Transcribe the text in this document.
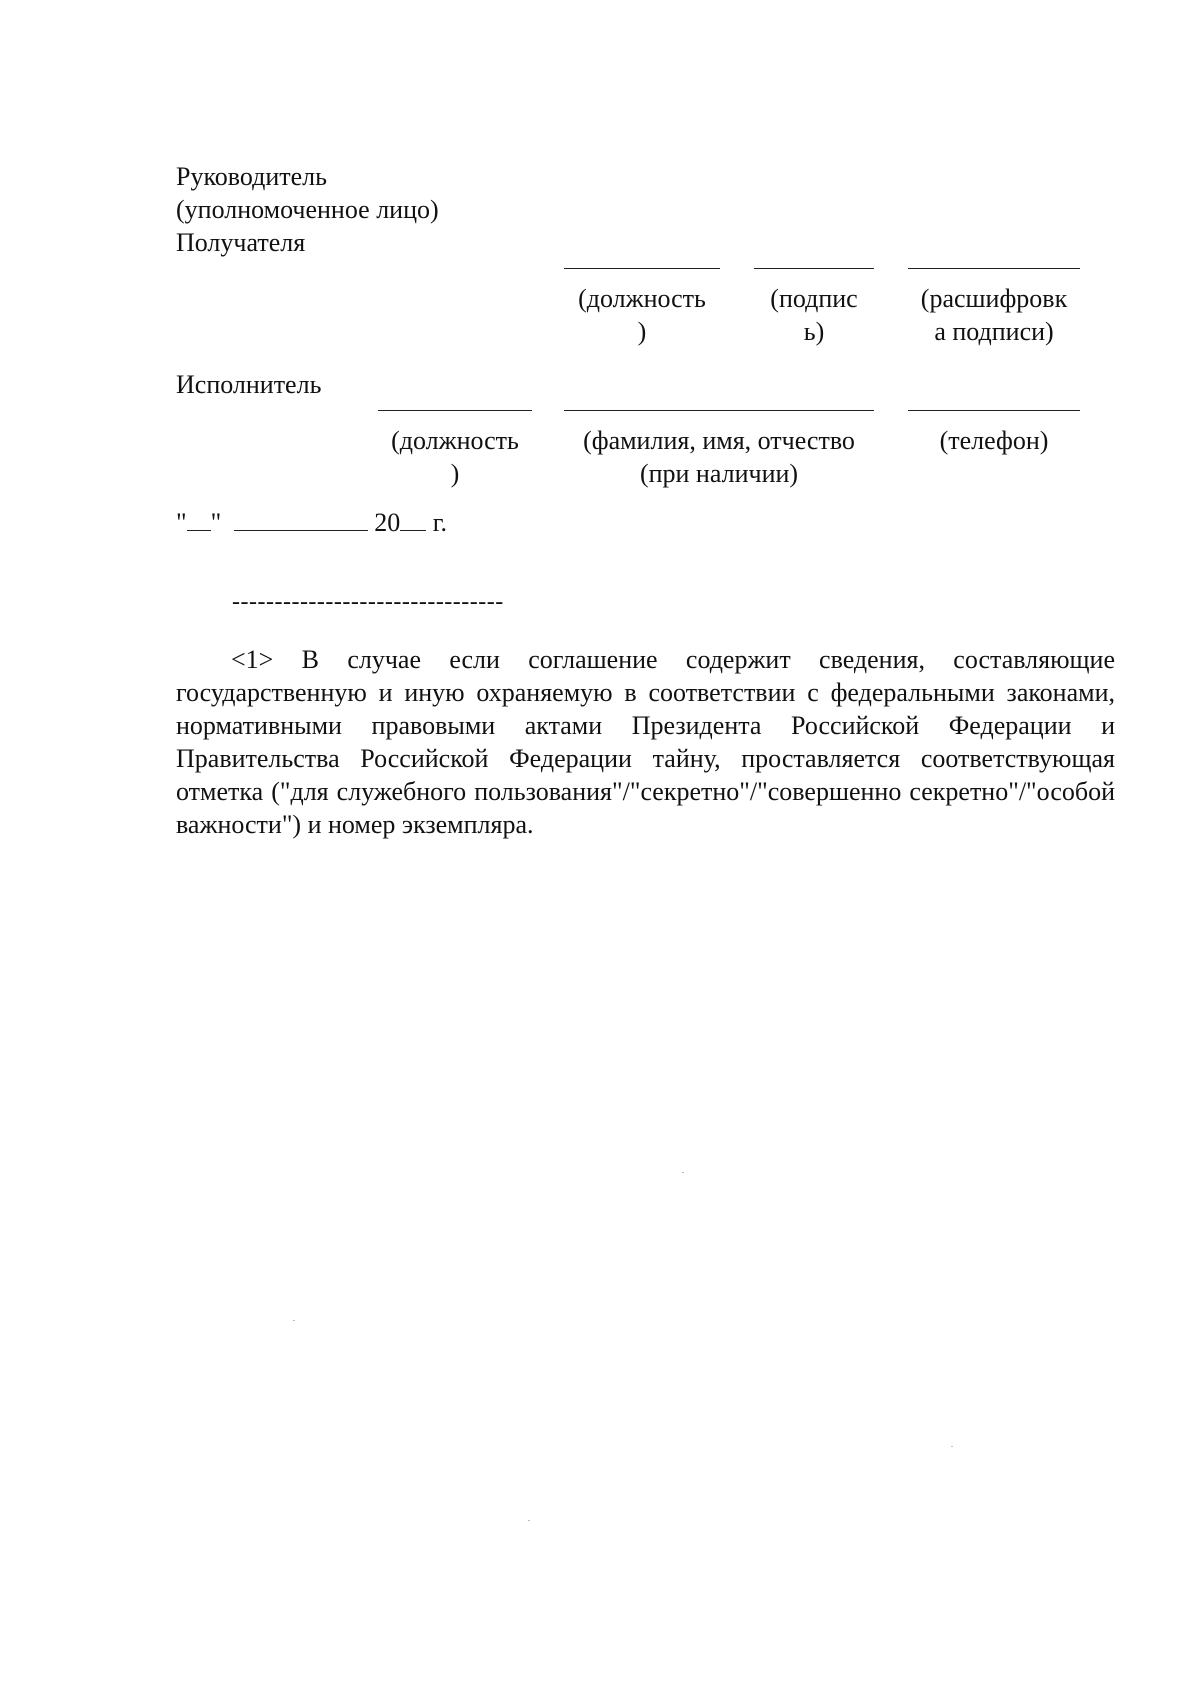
Руководитель
(уполномоченное лицо)
Получателя
(должность
)
(подпис
ь)
(расшифровк
а подписи)
Исполнитель
(должность
)
(фамилия, имя, отчество
(при наличии)
(телефон)
" "	20 г.
--------------------------------
<1> В случае если соглашение содержит сведения, составляющие государственную и иную охраняемую в соответствии с федеральными законами, нормативными правовыми актами Президента Российской Федерации и Правительства Российской Федерации тайну, проставляется соответствующая отметка ("для служебного пользования"/"секретно"/"совершенно секретно"/"особой важности") и номер экземпляра.
